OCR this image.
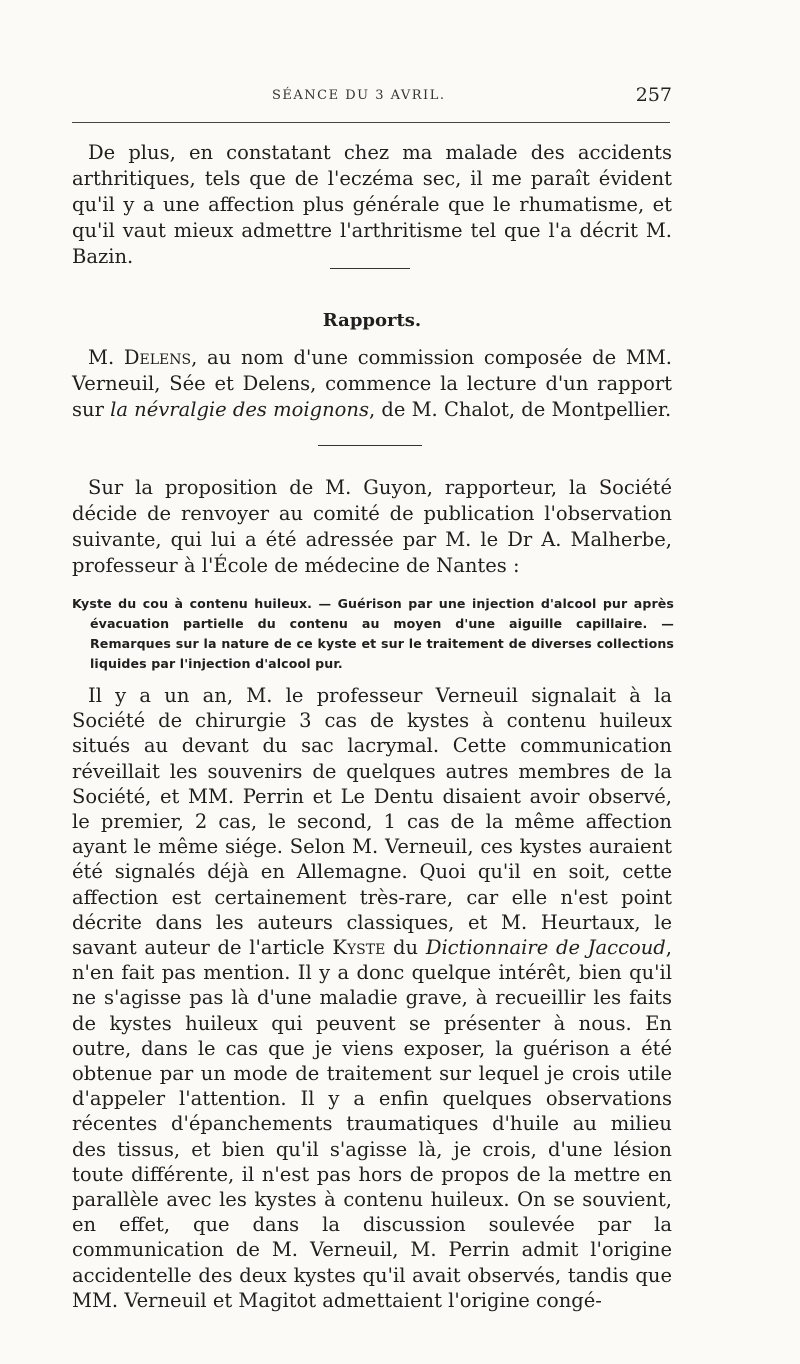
SÉANCE DU 3 AVRIL.	257

De plus, en constatant chez ma malade des accidents arthritiques, tels que de l'eczéma sec, il me paraît évident qu'il y a une affection plus générale que le rhumatisme, et qu'il vaut mieux admettre l'arthritisme tel que l'a décrit M. Bazin.

Rapports.

M. Delens, au nom d'une commission composée de MM. Verneuil, Sée et Delens, commence la lecture d'un rapport sur la névralgie des moignons, de M. Chalot, de Montpellier.

Sur la proposition de M. Guyon, rapporteur, la Société décide de renvoyer au comité de publication l'observation suivante, qui lui a été adressée par M. le Dr A. Malherbe, professeur à l'École de médecine de Nantes :

Kyste du cou à contenu huileux. — Guérison par une injection d'alcool pur après évacuation partielle du contenu au moyen d'une aiguille capillaire. — Remarques sur la nature de ce kyste et sur le traitement de diverses collections liquides par l'injection d'alcool pur.

Il y a un an, M. le professeur Verneuil signalait à la Société de chirurgie 3 cas de kystes à contenu huileux situés au devant du sac lacrymal. Cette communication réveillait les souvenirs de quelques autres membres de la Société, et MM. Perrin et Le Dentu disaient avoir observé, le premier, 2 cas, le second, 1 cas de la même affection ayant le même siége. Selon M. Verneuil, ces kystes auraient été signalés déjà en Allemagne. Quoi qu'il en soit, cette affection est certainement très-rare, car elle n'est point décrite dans les auteurs classiques, et M. Heurtaux, le savant auteur de l'article Kyste du Dictionnaire de Jaccoud, n'en fait pas mention. Il y a donc quelque intérêt, bien qu'il ne s'agisse pas là d'une maladie grave, à recueillir les faits de kystes huileux qui peuvent se présenter à nous. En outre, dans le cas que je viens exposer, la guérison a été obtenue par un mode de traitement sur lequel je crois utile d'appeler l'attention. Il y a enfin quelques observations récentes d'épanchements traumatiques d'huile au milieu des tissus, et bien qu'il s'agisse là, je crois, d'une lésion toute différente, il n'est pas hors de propos de la mettre en parallèle avec les kystes à contenu huileux. On se souvient, en effet, que dans la discussion soulevée par la communication de M. Verneuil, M. Perrin admit l'origine accidentelle des deux kystes qu'il avait observés, tandis que MM. Verneuil et Magitot admettaient l'origine congé-
